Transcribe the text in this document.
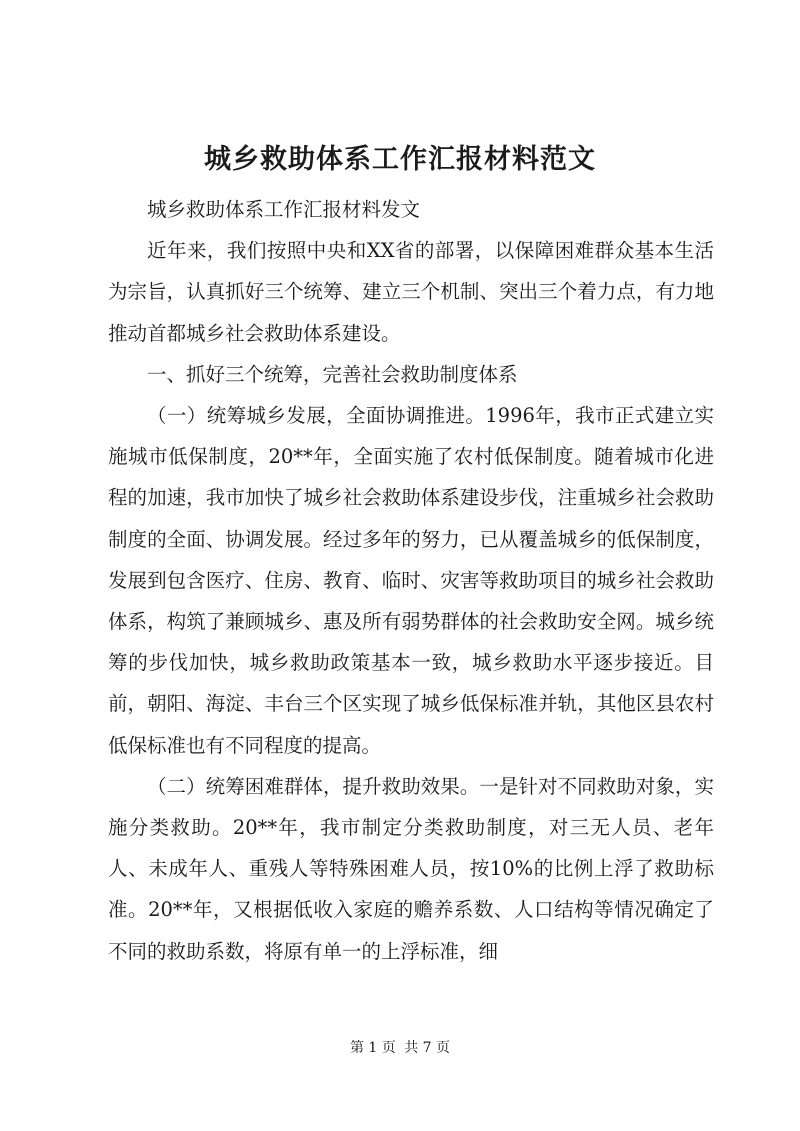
城乡救助体系工作汇报材料范文

城乡救助体系工作汇报材料发文

近年来，我们按照中央和XX省的部署，以保障困难群众基本生活为宗旨，认真抓好三个统筹、建立三个机制、突出三个着力点，有力地推动首都城乡社会救助体系建设。

一、抓好三个统筹，完善社会救助制度体系

（一）统筹城乡发展，全面协调推进。1996年，我市正式建立实施城市低保制度，20**年，全面实施了农村低保制度。随着城市化进程的加速，我市加快了城乡社会救助体系建设步伐，注重城乡社会救助制度的全面、协调发展。经过多年的努力，已从覆盖城乡的低保制度，发展到包含医疗、住房、教育、临时、灾害等救助项目的城乡社会救助体系，构筑了兼顾城乡、惠及所有弱势群体的社会救助安全网。城乡统筹的步伐加快，城乡救助政策基本一致，城乡救助水平逐步接近。目前，朝阳、海淀、丰台三个区实现了城乡低保标准并轨，其他区县农村低保标准也有不同程度的提高。

（二）统筹困难群体，提升救助效果。一是针对不同救助对象，实施分类救助。20**年，我市制定分类救助制度，对三无人员、老年人、未成年人、重残人等特殊困难人员，按10%的比例上浮了救助标准。20**年，又根据低收入家庭的赡养系数、人口结构等情况确定了不同的救助系数，将原有单一的上浮标准，细

第 1 页 共 7 页
